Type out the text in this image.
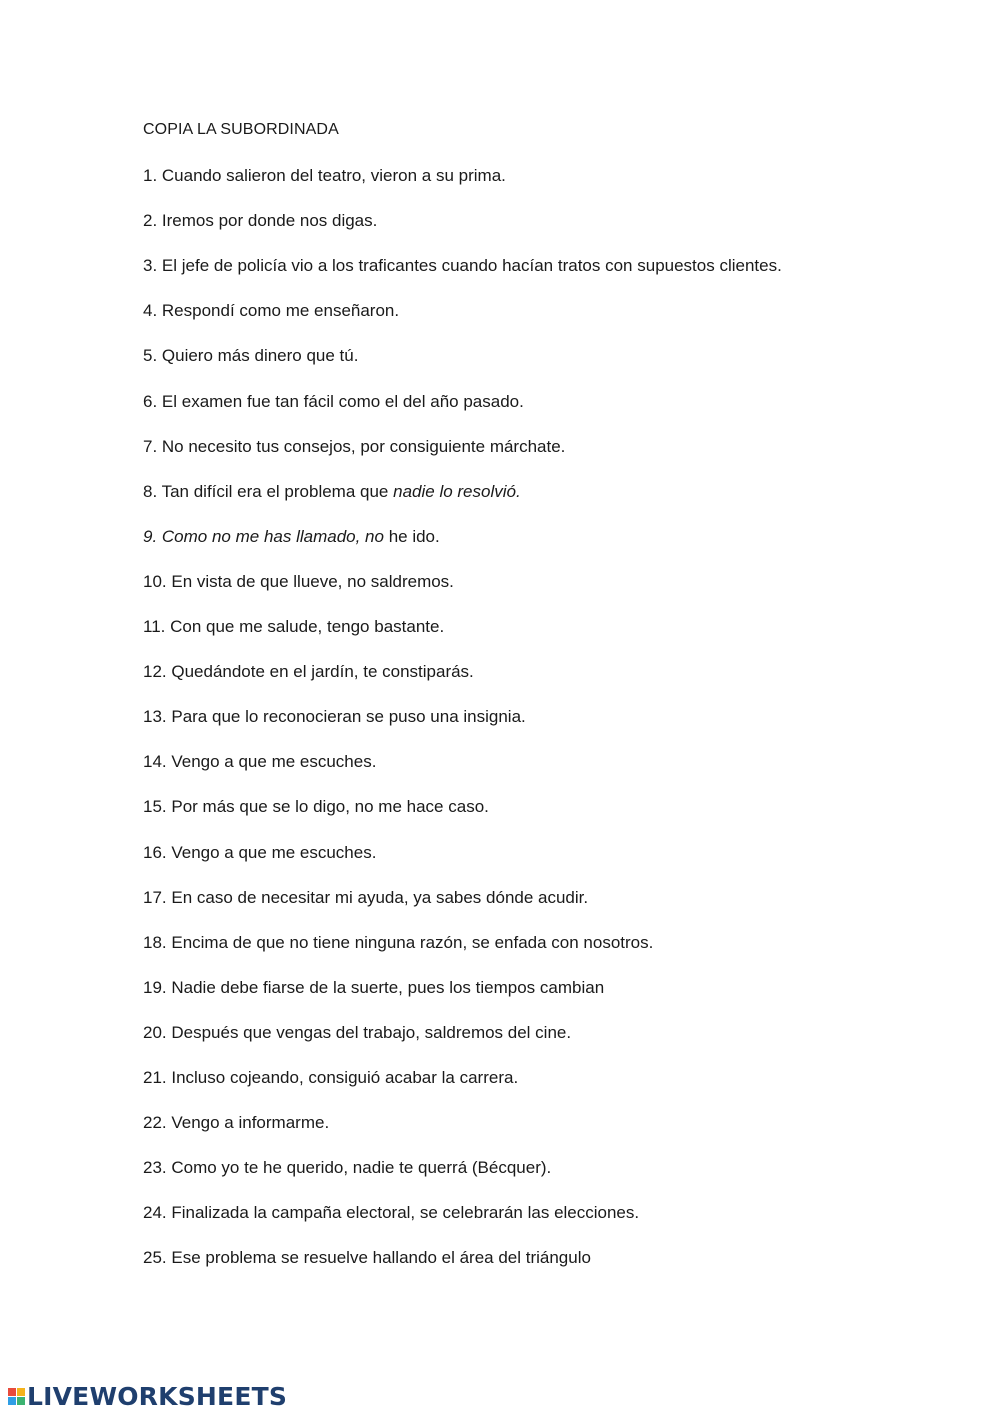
COPIA LA SUBORDINADA
1. Cuando salieron del teatro, vieron a su prima.
2. Iremos por donde nos digas.
3. El jefe de policía vio a los traficantes cuando hacían tratos con supuestos clientes.
4. Respondí como me enseñaron.
5. Quiero más dinero que tú.
6. El examen fue tan fácil como el del año pasado.
7. No necesito tus consejos, por consiguiente márchate.
8. Tan difícil era el problema que nadie lo resolvió.
9. Como no me has llamado, no he ido.
10. En vista de que llueve, no saldremos.
11. Con que me salude, tengo bastante.
12. Quedándote en el jardín, te constiparás.
13. Para que lo reconocieran se puso una insignia.
14. Vengo a que me escuches.
15. Por más que se lo digo, no me hace caso.
16. Vengo a que me escuches.
17. En caso de necesitar mi ayuda, ya sabes dónde acudir.
18. Encima de que no tiene ninguna razón, se enfada con nosotros.
19. Nadie debe fiarse de la suerte, pues los tiempos cambian
20. Después que vengas del trabajo, saldremos del cine.
21. Incluso cojeando, consiguió acabar la carrera.
22. Vengo a informarme.
23. Como yo te he querido, nadie te querrá (Bécquer).
24. Finalizada la campaña electoral, se celebrarán las elecciones.
25. Ese problema se resuelve hallando el área del triángulo
LIVEWORKSHEETS
